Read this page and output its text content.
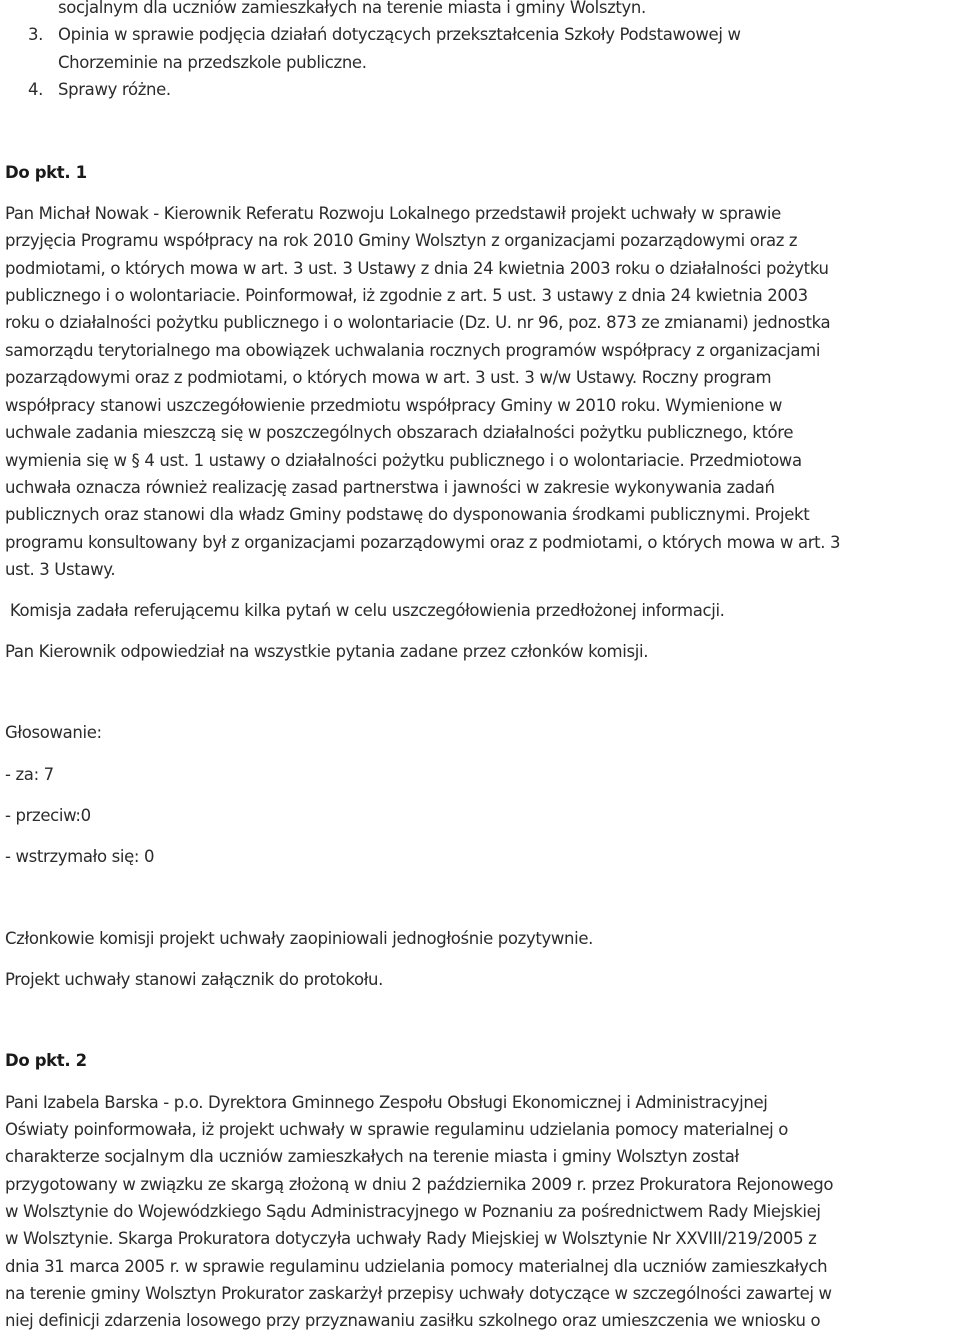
socjalnym dla uczniów zamieszkałych na terenie miasta i gminy Wolsztyn.
3. Opinia w sprawie podjęcia działań dotyczących przekształcenia Szkoły Podstawowej w
Chorzeminie na przedszkole publiczne.
4. Sprawy różne.
Do pkt. 1
Pan Michał Nowak - Kierownik Referatu Rozwoju Lokalnego przedstawił projekt uchwały w sprawie
przyjęcia Programu współpracy na rok 2010 Gminy Wolsztyn z organizacjami pozarządowymi oraz z
podmiotami, o których mowa w art. 3 ust. 3 Ustawy z dnia 24 kwietnia 2003 roku o działalności pożytku
publicznego i o wolontariacie. Poinformował, iż zgodnie z art. 5 ust. 3 ustawy z dnia 24 kwietnia 2003
roku o działalności pożytku publicznego i o wolontariacie (Dz. U. nr 96, poz. 873 ze zmianami) jednostka
samorządu terytorialnego ma obowiązek uchwalania rocznych programów współpracy z organizacjami
pozarządowymi oraz z podmiotami, o których mowa w art. 3 ust. 3 w/w Ustawy. Roczny program
współpracy stanowi uszczegółowienie przedmiotu współpracy Gminy w 2010 roku. Wymienione w
uchwale zadania mieszczą się w poszczególnych obszarach działalności pożytku publicznego, które
wymienia się w § 4 ust. 1 ustawy o działalności pożytku publicznego i o wolontariacie. Przedmiotowa
uchwała oznacza również realizację zasad partnerstwa i jawności w zakresie wykonywania zadań
publicznych oraz stanowi dla władz Gminy podstawę do dysponowania środkami publicznymi. Projekt
programu konsultowany był z organizacjami pozarządowymi oraz z podmiotami, o których mowa w art. 3
ust. 3 Ustawy.
Komisja zadała referującemu kilka pytań w celu uszczegółowienia przedłożonej informacji.
Pan Kierownik odpowiedział na wszystkie pytania zadane przez członków komisji.
Głosowanie:
- za: 7
- przeciw:0
- wstrzymało się: 0
Członkowie komisji projekt uchwały zaopiniowali jednogłośnie pozytywnie.
Projekt uchwały stanowi załącznik do protokołu.
Do pkt. 2
Pani Izabela Barska - p.o. Dyrektora Gminnego Zespołu Obsługi Ekonomicznej i Administracyjnej
Oświaty poinformowała, iż projekt uchwały w sprawie regulaminu udzielania pomocy materialnej o
charakterze socjalnym dla uczniów zamieszkałych na terenie miasta i gminy Wolsztyn został
przygotowany w związku ze skargą złożoną w dniu 2 października 2009 r. przez Prokuratora Rejonowego
w Wolsztynie do Wojewódzkiego Sądu Administracyjnego w Poznaniu za pośrednictwem Rady Miejskiej
w Wolsztynie. Skarga Prokuratora dotyczyła uchwały Rady Miejskiej w Wolsztynie Nr XXVIII/219/2005 z
dnia 31 marca 2005 r. w sprawie regulaminu udzielania pomocy materialnej dla uczniów zamieszkałych
na terenie gminy Wolsztyn Prokurator zaskarżył przepisy uchwały dotyczące w szczególności zawartej w
niej definicji zdarzenia losowego przy przyznawaniu zasiłku szkolnego oraz umieszczenia we wniosku o
